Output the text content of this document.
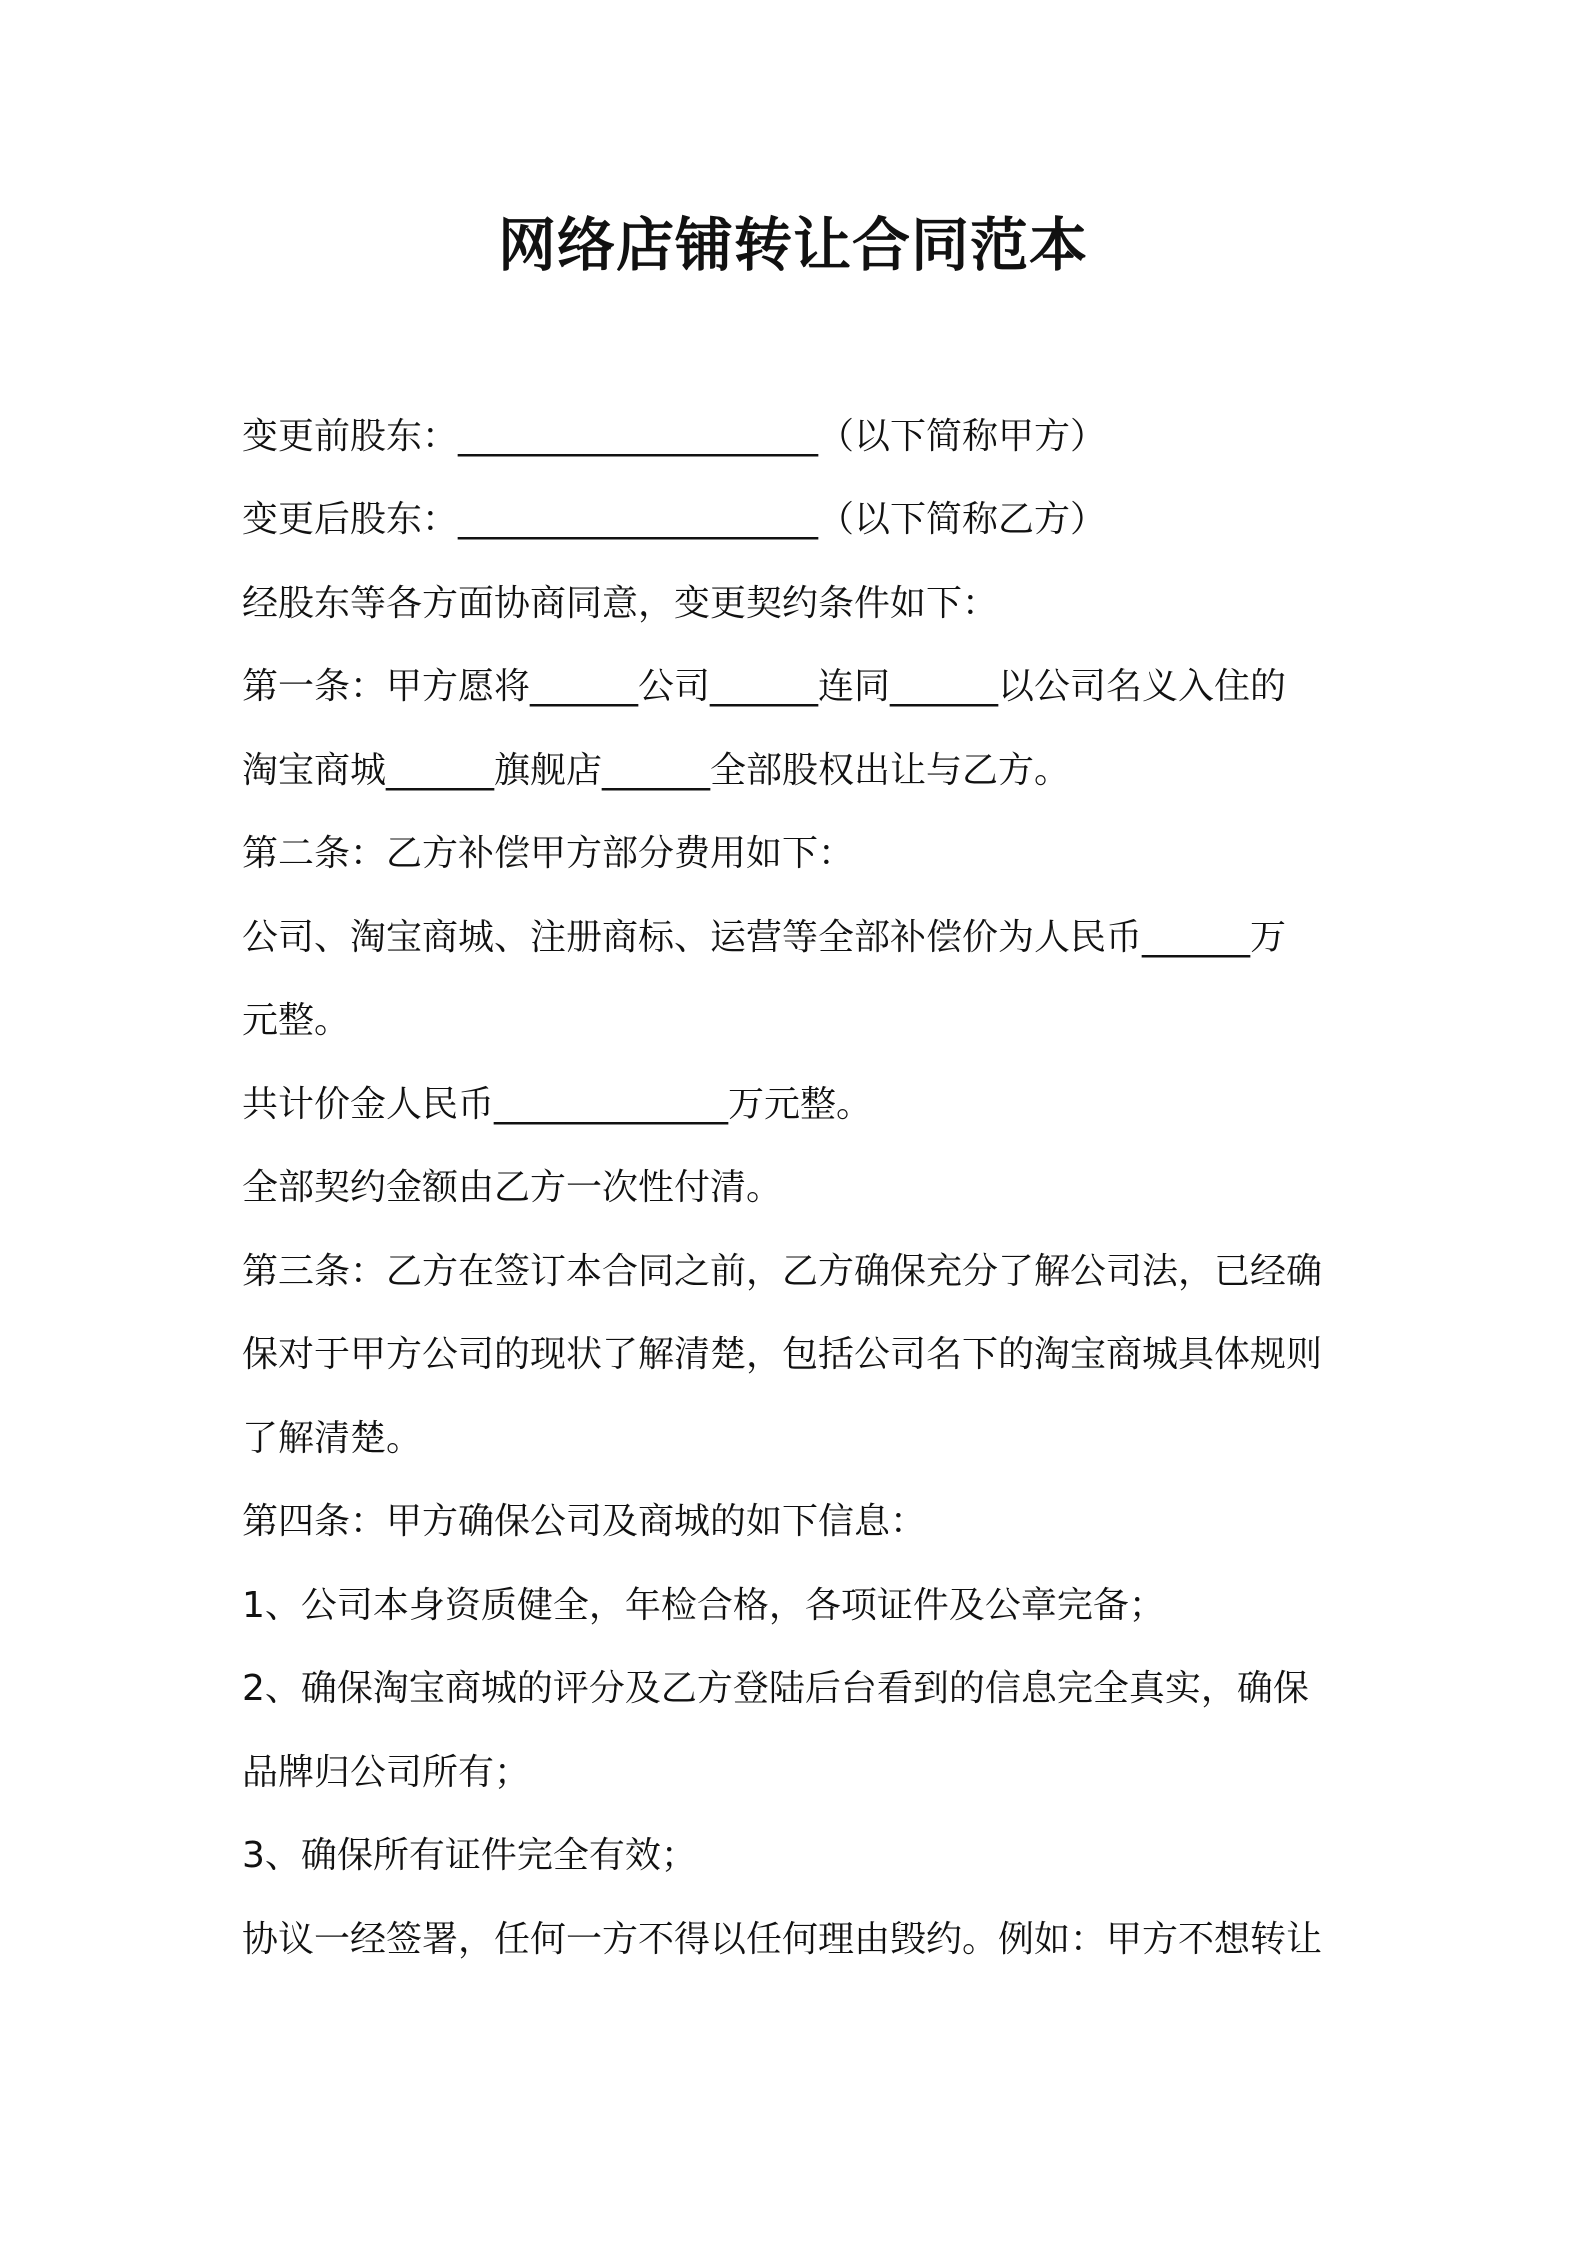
网络店铺转让合同范本
变更前股东：____________________（以下简称甲方）
变更后股东：____________________（以下简称乙方）
经股东等各方面协商同意，变更契约条件如下：
第一条：甲方愿将______公司______连同______以公司名义入住的
淘宝商城______旗舰店______全部股权出让与乙方。
第二条：乙方补偿甲方部分费用如下：
公司、淘宝商城、注册商标、运营等全部补偿价为人民币______万
元整。
共计价金人民币_____________万元整。
全部契约金额由乙方一次性付清。
第三条：乙方在签订本合同之前，乙方确保充分了解公司法，已经确
保对于甲方公司的现状了解清楚，包括公司名下的淘宝商城具体规则
了解清楚。
第四条：甲方确保公司及商城的如下信息：
1、公司本身资质健全，年检合格，各项证件及公章完备；
2、确保淘宝商城的评分及乙方登陆后台看到的信息完全真实，确保
品牌归公司所有；
3、确保所有证件完全有效；
协议一经签署，任何一方不得以任何理由毁约。例如：甲方不想转让
